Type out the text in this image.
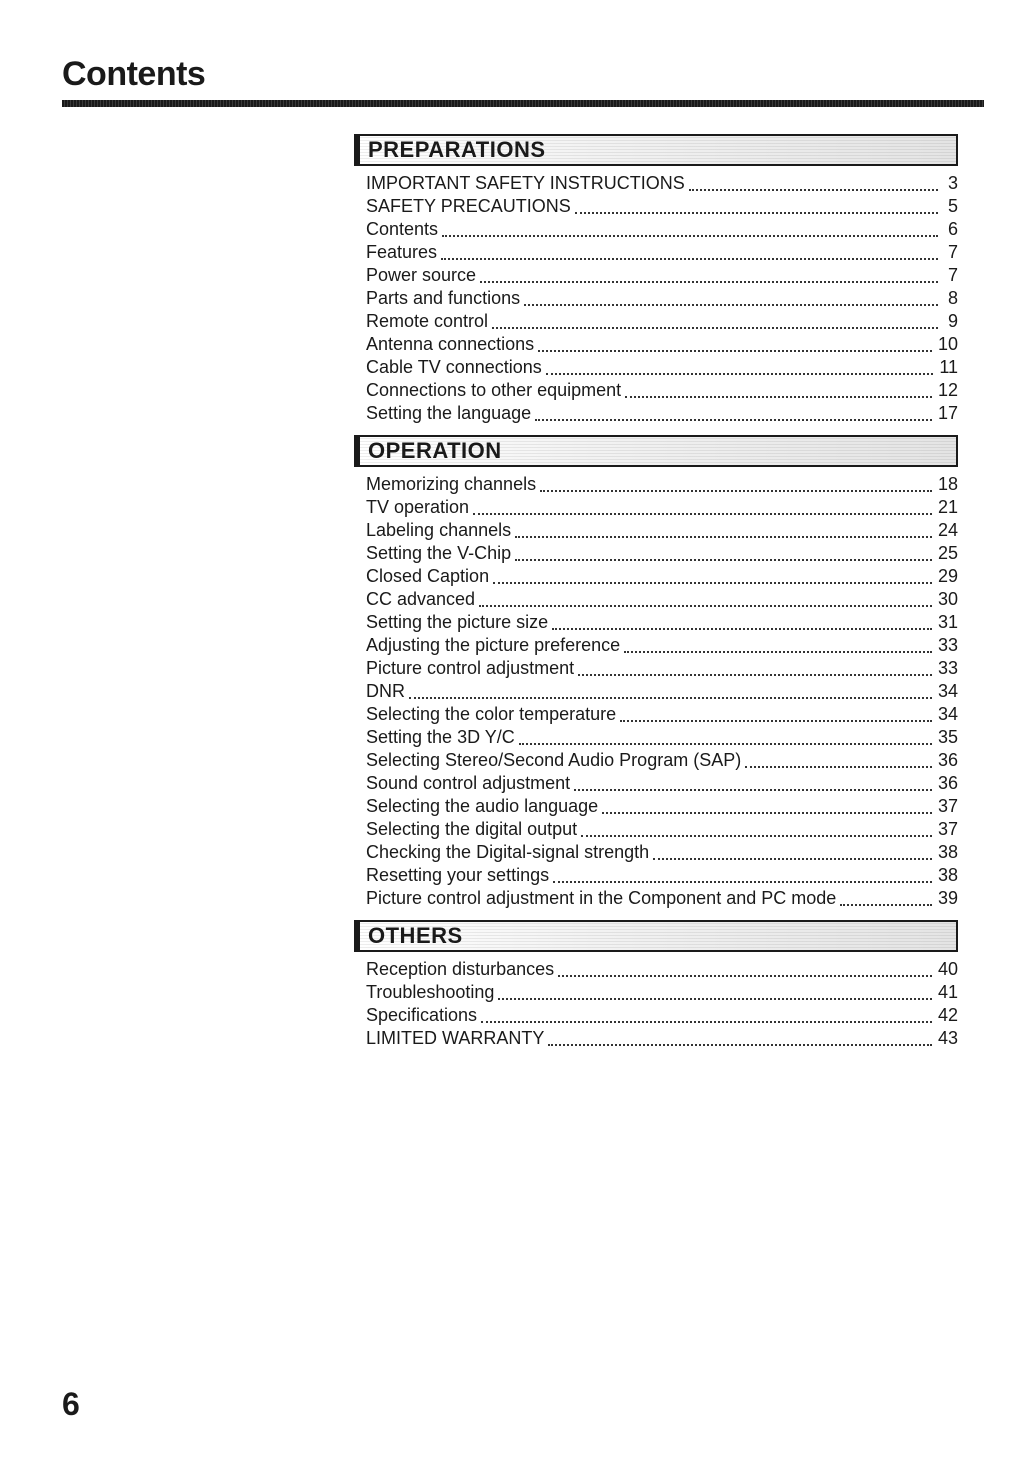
Contents
PREPARATIONS
IMPORTANT SAFETY INSTRUCTIONS	3
SAFETY PRECAUTIONS	5
Contents	6
Features	7
Power source	7
Parts and functions	8
Remote control	9
Antenna connections	10
Cable TV connections	11
Connections to other equipment	12
Setting the language	17
OPERATION
Memorizing channels	18
TV operation	21
Labeling channels	24
Setting the V-Chip	25
Closed Caption	29
CC advanced	30
Setting the picture size	31
Adjusting the picture preference	33
Picture control adjustment	33
DNR	34
Selecting the color temperature	34
Setting the 3D Y/C	35
Selecting Stereo/Second Audio Program (SAP)	36
Sound control adjustment	36
Selecting the audio language	37
Selecting the digital output	37
Checking the Digital-signal strength	38
Resetting your settings	38
Picture control adjustment in the Component and PC mode	39
OTHERS
Reception disturbances	40
Troubleshooting	41
Specifications	42
LIMITED WARRANTY	43
6
